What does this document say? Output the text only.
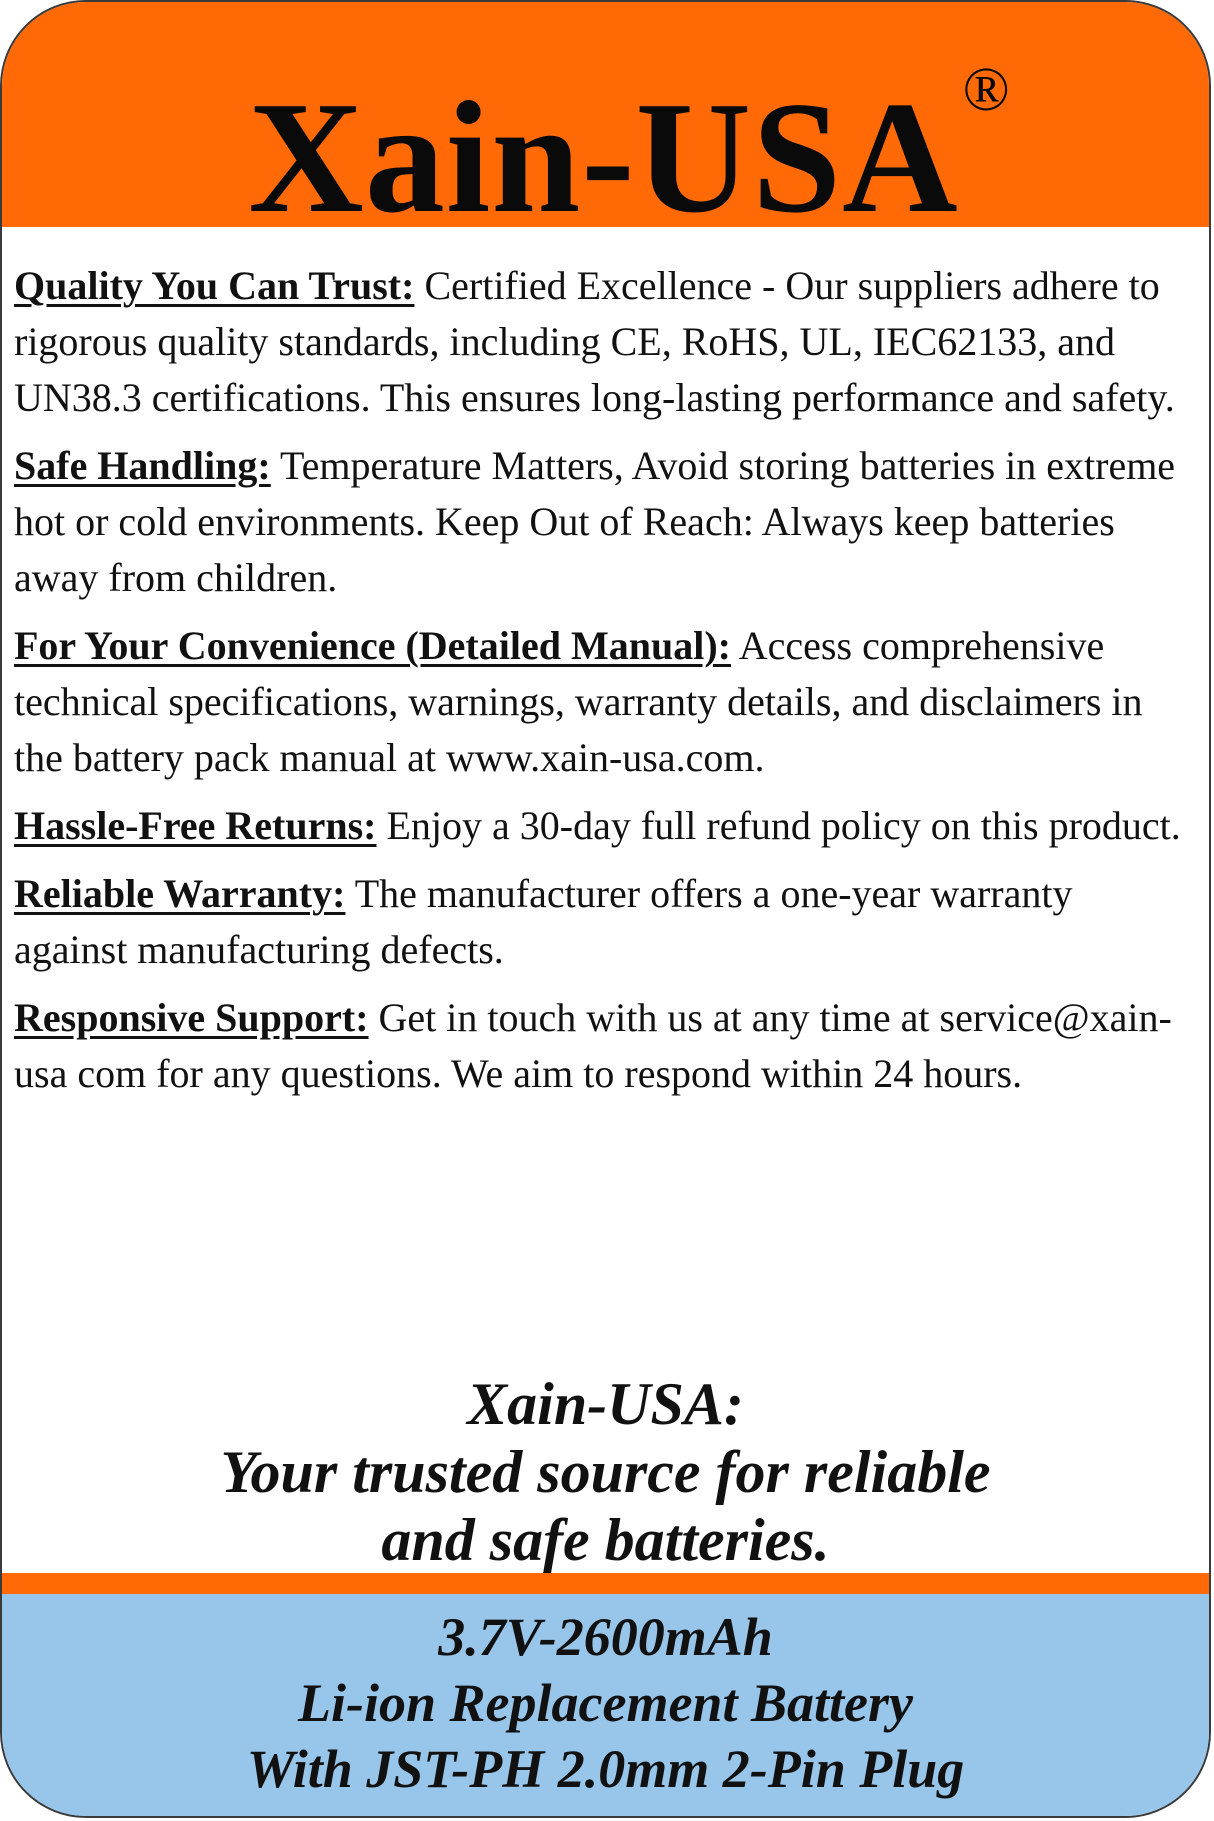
Xain-USA ®

Quality You Can Trust: Certified Excellence - Our suppliers adhere to rigorous quality standards, including CE, RoHS, UL, IEC62133, and UN38.3 certifications. This ensures long-lasting performance and safety.

Safe Handling: Temperature Matters, Avoid storing batteries in extreme hot or cold environments. Keep Out of Reach: Always keep batteries away from children.

For Your Convenience (Detailed Manual): Access comprehensive technical specifications, warnings, warranty details, and disclaimers in the battery pack manual at www.xain-usa.com.

Hassle-Free Returns: Enjoy a 30-day full refund policy on this product.

Reliable Warranty: The manufacturer offers a one-year warranty against manufacturing defects.

Responsive Support: Get in touch with us at any time at service@xain-usa com for any questions. We aim to respond within 24 hours.

Xain-USA:
Your trusted source for reliable
and safe batteries.
3.7V-2600mAh
Li-ion Replacement Battery
With JST-PH 2.0mm 2-Pin Plug
